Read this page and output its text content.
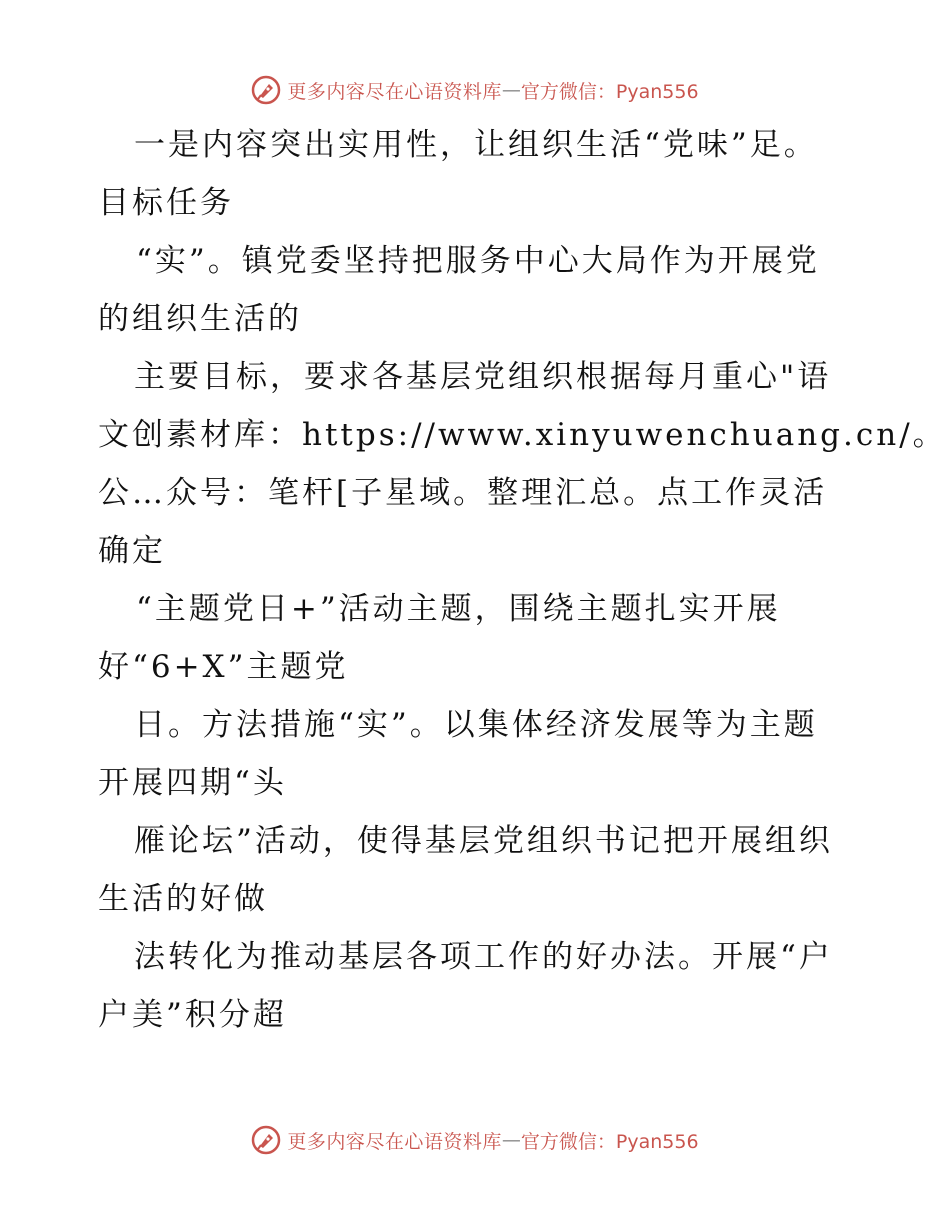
更多内容尽在心语资料库 — 官方微信：Pyan556
一是内容突出实用性，让组织生活“党味”足。
目标任务
“实”。镇党委坚持把服务中心大局作为开展党
的组织生活的
主要目标，要求各基层党组织根据每月重心"语
文创素材库：https://www.xinyuwenchuang.cn/。
公…众号：笔杆[子星域。整理汇总。点工作灵活
确定
“主题党日+”活动主题，围绕主题扎实开展
好“6+X”主题党
日。方法措施“实”。以集体经济发展等为主题
开展四期“头
雁论坛”活动，使得基层党组织书记把开展组织
生活的好做
法转化为推动基层各项工作的好办法。开展“户
户美”积分超
更多内容尽在心语资料库 — 官方微信：Pyan556
